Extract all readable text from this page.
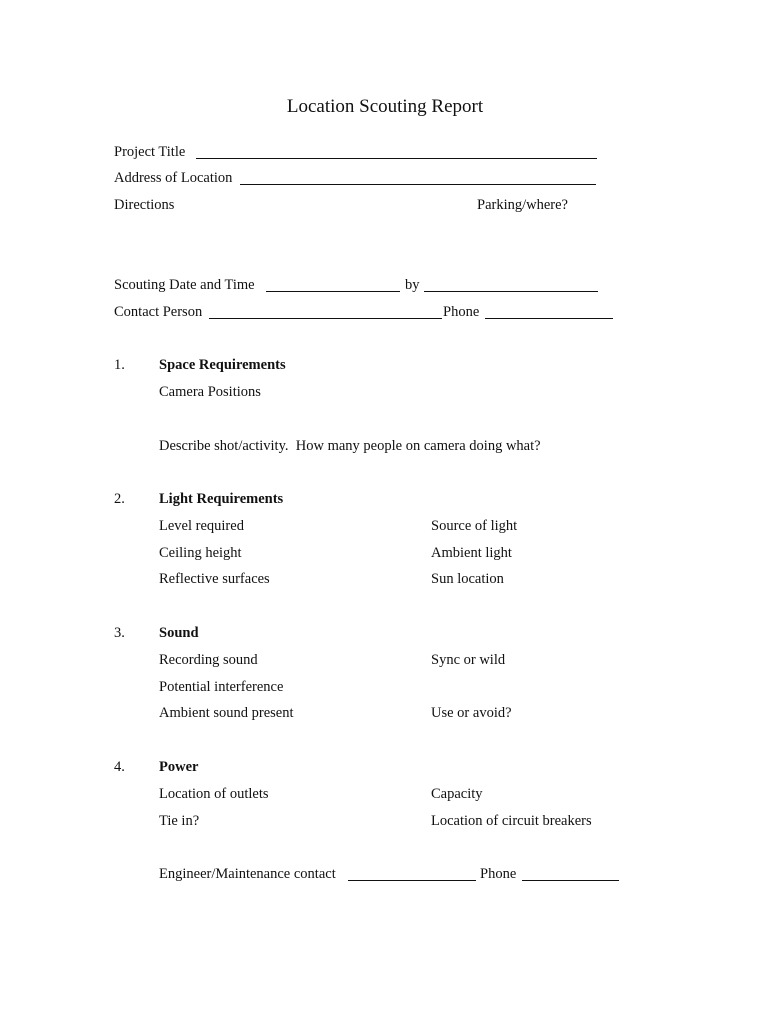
Location Scouting Report
Project Title
Address of Location
Directions	Parking/where?
Scouting Date and Time	by
Contact Person	Phone
1. Space Requirements
Camera Positions
Describe shot/activity.  How many people on camera doing what?
2. Light Requirements
Level required	Source of light
Ceiling height	Ambient light
Reflective surfaces	Sun location
3. Sound
Recording sound	Sync or wild
Potential interference
Ambient sound present	Use or avoid?
4. Power
Location of outlets	Capacity
Tie in?	Location of circuit breakers
Engineer/Maintenance contact	Phone
